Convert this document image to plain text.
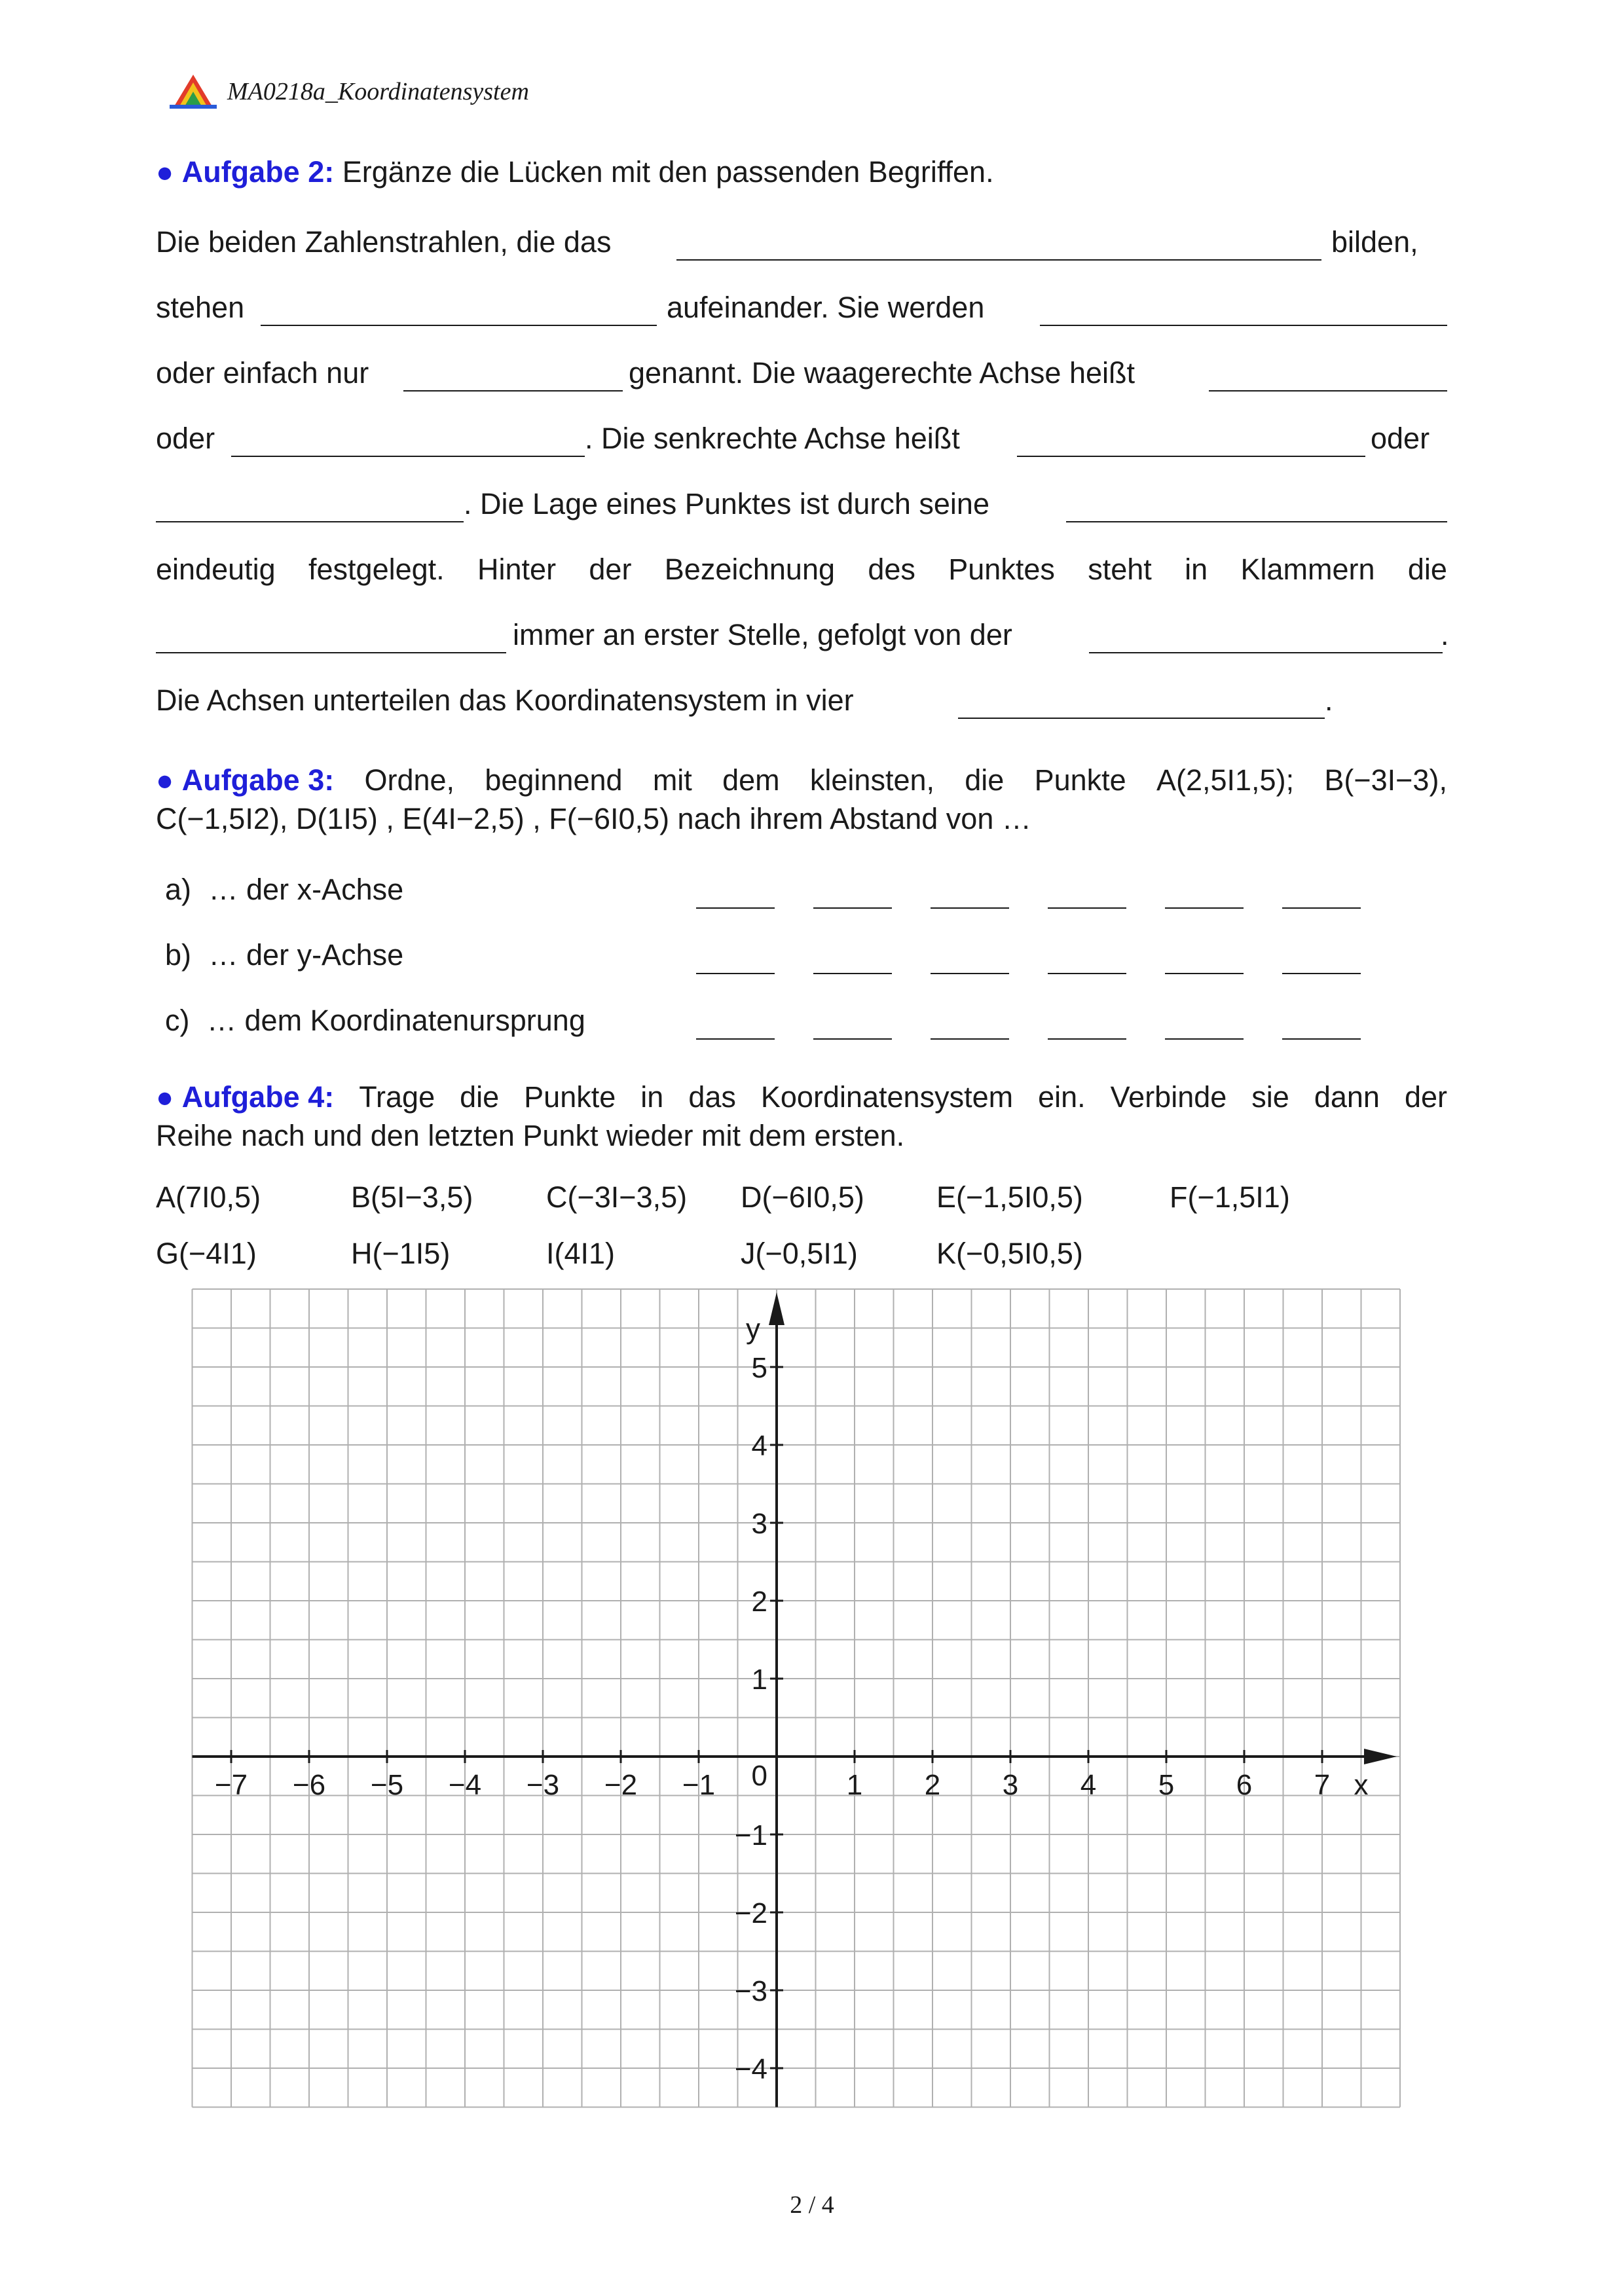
MA0218a_Koordinatensystem
● Aufgabe 2: Ergänze die Lücken mit den passenden Begriffen.
Die beiden Zahlenstrahlen, die das	bilden,
stehen	aufeinander. Sie werden
oder einfach nur	genannt. Die waagerechte Achse heißt
oder	. Die senkrechte Achse heißt	oder
. Die Lage eines Punktes ist durch seine
eindeutig festgelegt. Hinter der Bezeichnung des Punktes steht in Klammern die
immer an erster Stelle, gefolgt von der	.
Die Achsen unterteilen das Koordinatensystem in vier	.
● Aufgabe 3: Ordne, beginnend mit dem kleinsten, die Punkte A(2,5I1,5); B(−3I−3),
C(−1,5I2), D(1I5) , E(4I−2,5) , F(−6I0,5) nach ihrem Abstand von …
a) … der x-Achse
b) … der y-Achse
c) … dem Koordinatenursprung
● Aufgabe 4: Trage die Punkte in das Koordinatensystem ein. Verbinde sie dann der
Reihe nach und den letzten Punkt wieder mit dem ersten.
A(7I0,5)	B(5I−3,5) C(−3I−3,5) D(−6I0,5) E(−1,5I0,5)	F(−1,5I1)
G(−4I1)	H(−1I5)	I(4I1)	J(−0,5I1)	K(−0,5I0,5)
−7 −6 −5 −4 −3 −2 −1	1 2 3 4 5 6 7
−4
−3
−2
−1
1
2
3
4
5
0	x
y
2 / 4
